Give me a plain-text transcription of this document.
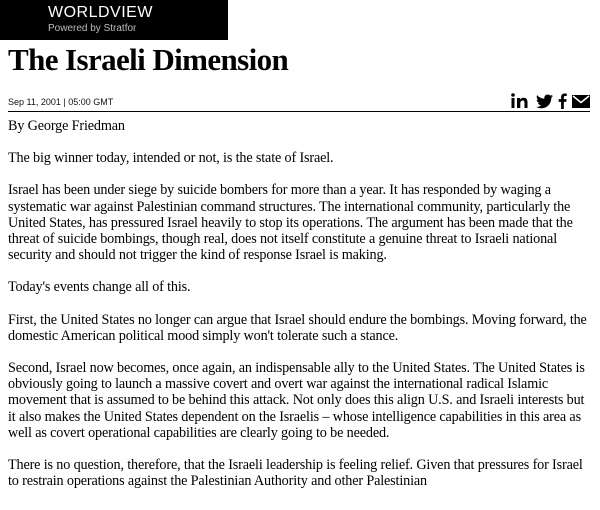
WORLDVIEW
Powered by Stratfor
The Israeli Dimension
Sep 11, 2001 | 05:00 GMT

By George Friedman

The big winner today, intended or not, is the state of Israel.

Israel has been under siege by suicide bombers for more than a year. It has responded by waging a systematic war against Palestinian command structures. The international community, particularly the United States, has pressured Israel heavily to stop its operations. The argument has been made that the threat of suicide bombings, though real, does not itself constitute a genuine threat to Israeli national security and should not trigger the kind of response Israel is making.

Today's events change all of this.

First, the United States no longer can argue that Israel should endure the bombings. Moving forward, the domestic American political mood simply won't tolerate such a stance.

Second, Israel now becomes, once again, an indispensable ally to the United States. The United States is obviously going to launch a massive covert and overt war against the international radical Islamic movement that is assumed to be behind this attack. Not only does this align U.S. and Israeli interests but it also makes the United States dependent on the Israelis – whose intelligence capabilities in this area as well as covert operational capabilities are clearly going to be needed.

There is no question, therefore, that the Israeli leadership is feeling relief. Given that pressures for Israel to restrain operations against the Palestinian Authority and other Palestinian
